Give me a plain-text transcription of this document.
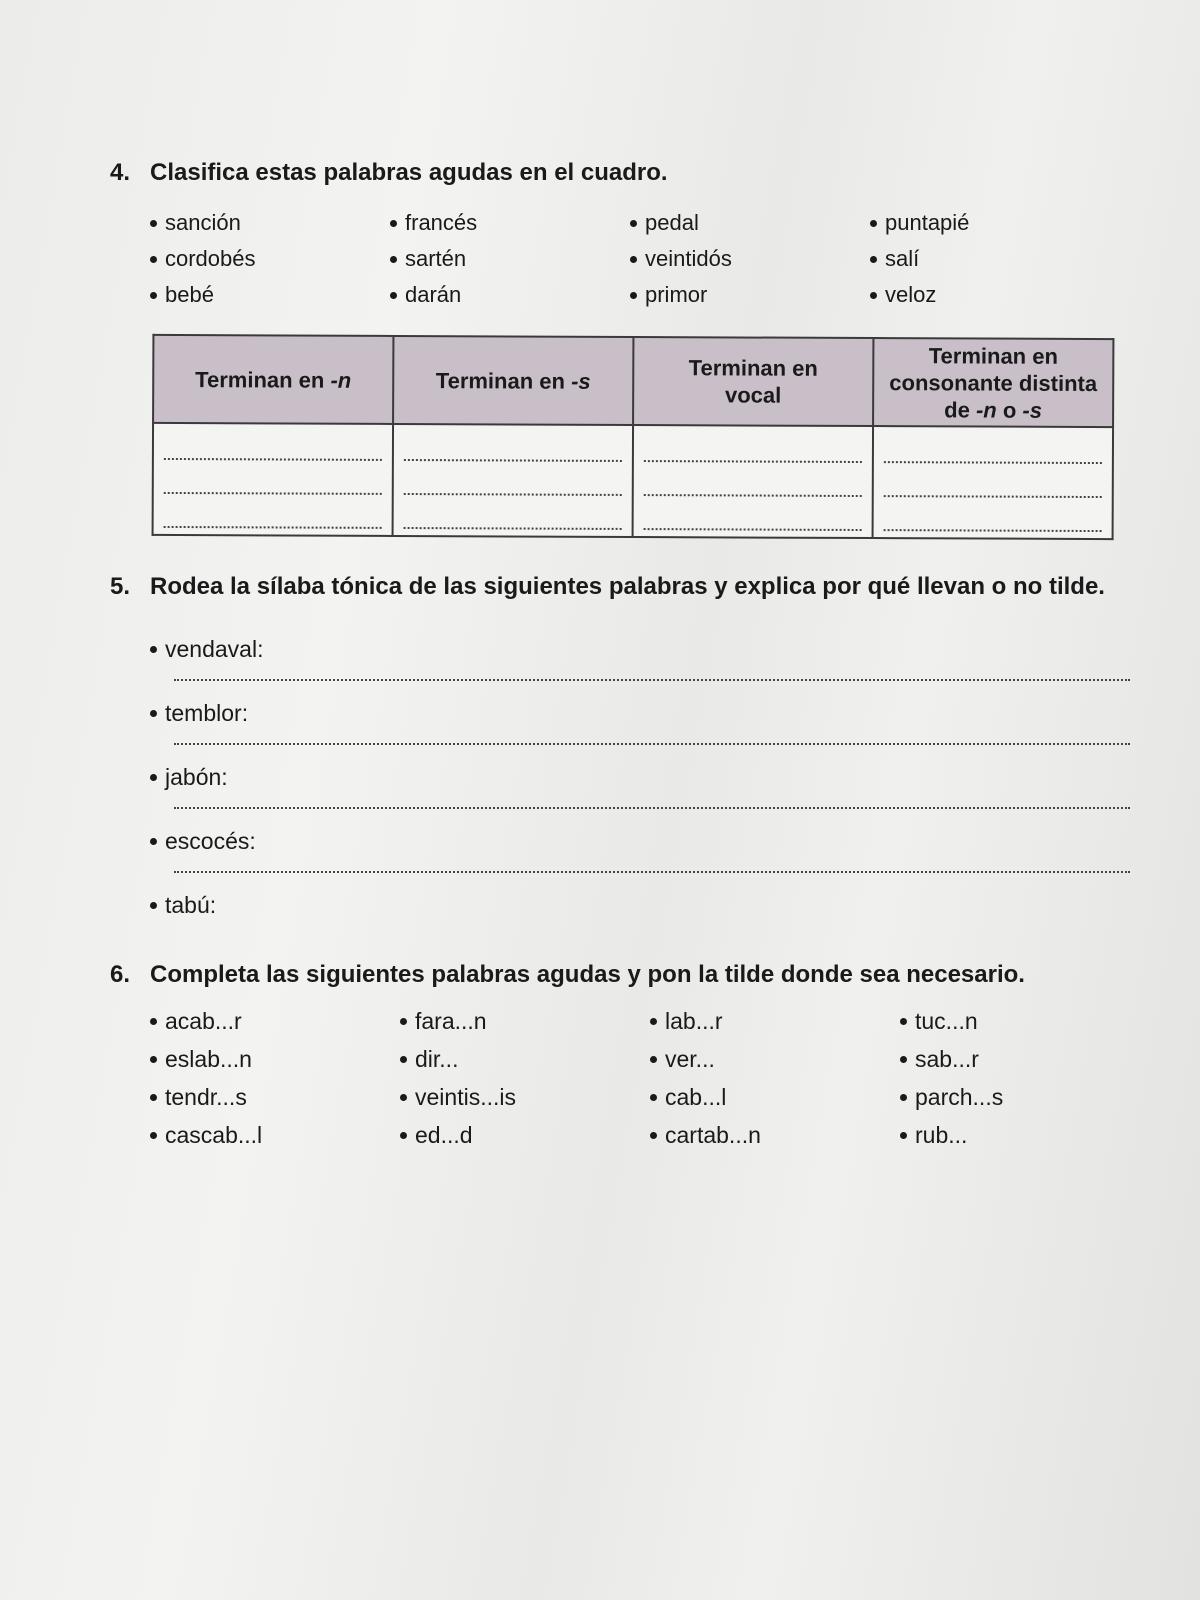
4. Clasifica estas palabras agudas en el cuadro.
sanción	francés	pedal	puntapié
cordobés	sartén	veintidós	salí
bebé	darán	primor	veloz
Terminan en -n	Terminan en -s	Terminan en vocal	Terminan en consonante distinta de -n o -s

5. Rodea la sílaba tónica de las siguientes palabras y explica por qué llevan o no tilde.
vendaval:
temblor:
jabón:
escocés:
tabú:
6. Completa las siguientes palabras agudas y pon la tilde donde sea necesario.
acab...r	fara...n	lab...r	tuc...n
eslab...n	dir...	ver...	sab...r
tendr...s	veintis...is	cab...l	parch...s
cascab...l	ed...d	cartab...n	rub...
